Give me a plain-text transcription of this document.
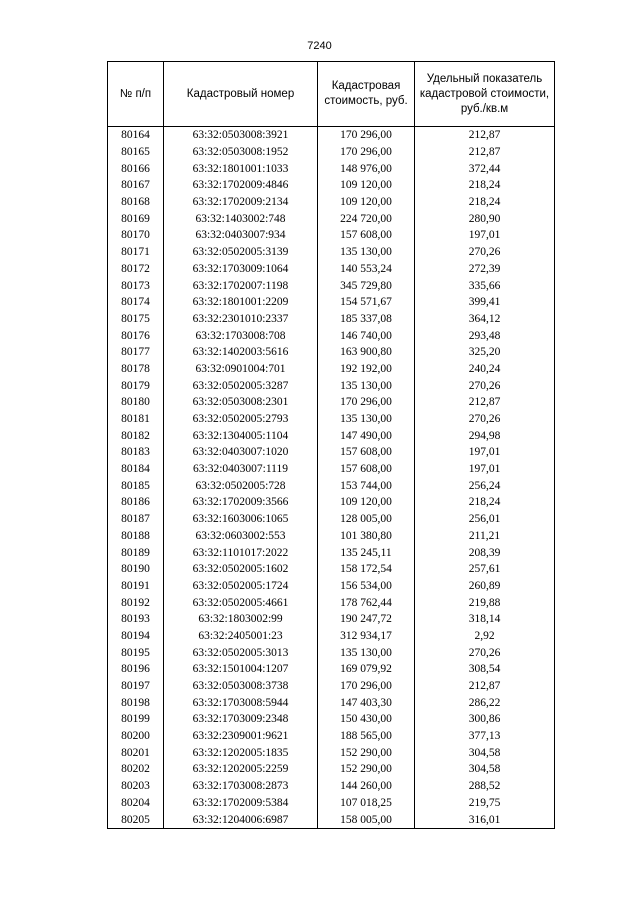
7240
№ п/п	Кадастровый номер	Кадастровая стоимость, руб.	Удельный показатель кадастровой стоимости, руб./кв.м
80164	63:32:0503008:3921	170 296,00	212,87
80165	63:32:0503008:1952	170 296,00	212,87
80166	63:32:1801001:1033	148 976,00	372,44
80167	63:32:1702009:4846	109 120,00	218,24
80168	63:32:1702009:2134	109 120,00	218,24
80169	63:32:1403002:748	224 720,00	280,90
80170	63:32:0403007:934	157 608,00	197,01
80171	63:32:0502005:3139	135 130,00	270,26
80172	63:32:1703009:1064	140 553,24	272,39
80173	63:32:1702007:1198	345 729,80	335,66
80174	63:32:1801001:2209	154 571,67	399,41
80175	63:32:2301010:2337	185 337,08	364,12
80176	63:32:1703008:708	146 740,00	293,48
80177	63:32:1402003:5616	163 900,80	325,20
80178	63:32:0901004:701	192 192,00	240,24
80179	63:32:0502005:3287	135 130,00	270,26
80180	63:32:0503008:2301	170 296,00	212,87
80181	63:32:0502005:2793	135 130,00	270,26
80182	63:32:1304005:1104	147 490,00	294,98
80183	63:32:0403007:1020	157 608,00	197,01
80184	63:32:0403007:1119	157 608,00	197,01
80185	63:32:0502005:728	153 744,00	256,24
80186	63:32:1702009:3566	109 120,00	218,24
80187	63:32:1603006:1065	128 005,00	256,01
80188	63:32:0603002:553	101 380,80	211,21
80189	63:32:1101017:2022	135 245,11	208,39
80190	63:32:0502005:1602	158 172,54	257,61
80191	63:32:0502005:1724	156 534,00	260,89
80192	63:32:0502005:4661	178 762,44	219,88
80193	63:32:1803002:99	190 247,72	318,14
80194	63:32:2405001:23	312 934,17	2,92
80195	63:32:0502005:3013	135 130,00	270,26
80196	63:32:1501004:1207	169 079,92	308,54
80197	63:32:0503008:3738	170 296,00	212,87
80198	63:32:1703008:5944	147 403,30	286,22
80199	63:32:1703009:2348	150 430,00	300,86
80200	63:32:2309001:9621	188 565,00	377,13
80201	63:32:1202005:1835	152 290,00	304,58
80202	63:32:1202005:2259	152 290,00	304,58
80203	63:32:1703008:2873	144 260,00	288,52
80204	63:32:1702009:5384	107 018,25	219,75
80205	63:32:1204006:6987	158 005,00	316,01
